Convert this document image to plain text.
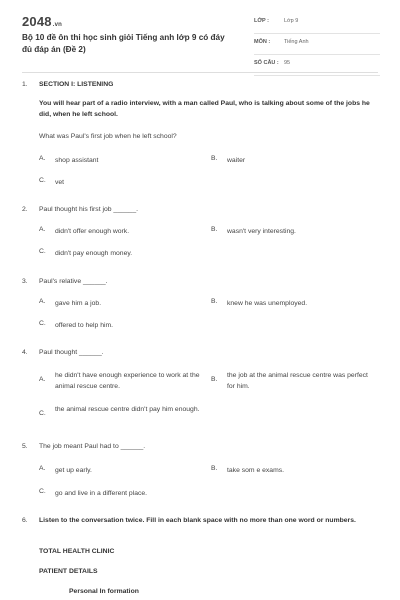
2048.vn
Bộ 10 đề ôn thi học sinh giỏi Tiếng anh lớp 9 có đáy đủ đáp án (Đề 2)
LỚP :	Lớp 9
MÔN :	Tiếng Anh
SỐ CÂU : 95
1. SECTION I: LISTENING
You will hear part of a radio interview, with a man called Paul, who is talking about some of the jobs he did, when he left school.
What was Paul's first job when he left school?
A. shop assistant	B. waiter
C. vet
2. Paul thought his first job ______.
A. didn't offer enough work.	B. wasn't very interesting.
C. didn't pay enough money.
3. Paul's relative ______.
A. gave him a job.	B. knew he was unemployed.
C. offered to help him.
4. Paul thought ______.
A.
he didn't have enough experience to work at the animal rescue centre.
B.
the job at the animal rescue centre was perfect for him.
C.
the animal rescue centre didn't pay him enough.
5. The job meant Paul had to ______.
A. get up early.	B. take som e exams.
C. go and live in a different place.
6. Listen to the conversation twice. Fill in each blank space with no more than one word or numbers.
TOTAL HEALTH CLINIC
PATIENT DETAILS
Personal In formation
